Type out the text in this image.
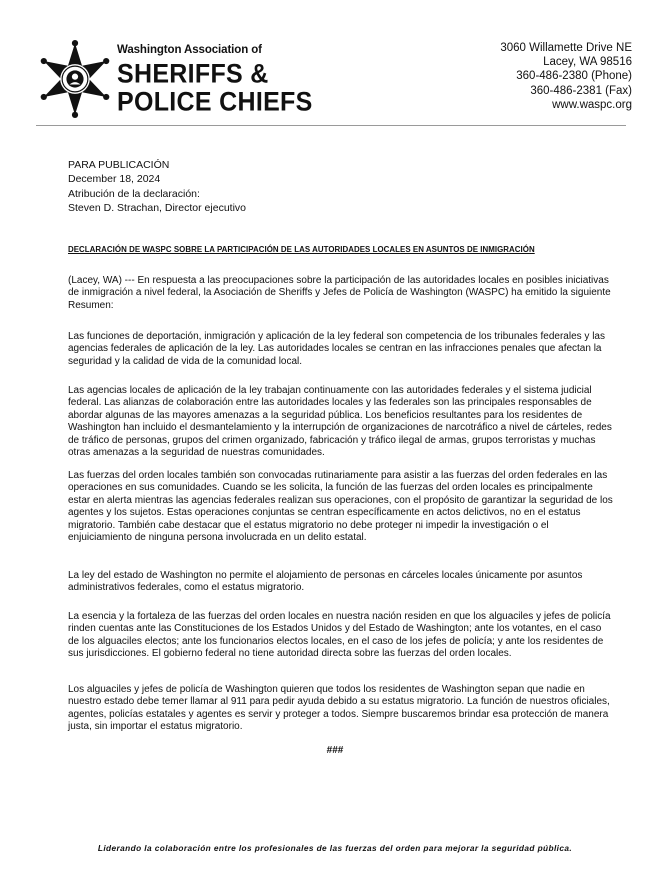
Washington Association of
SHERIFFS &
POLICE CHIEFS
3060 Willamette Drive NE
Lacey, WA 98516
360-486-2380 (Phone)
360-486-2381 (Fax)
www.waspc.org
PARA PUBLICACIÓN
December 18, 2024
Atribución de la declaración:
Steven D. Strachan, Director ejecutivo
DECLARACIÓN DE WASPC SOBRE LA PARTICIPACIÓN DE LAS AUTORIDADES LOCALES EN ASUNTOS DE INMIGRACIÓN
(Lacey, WA) --- En respuesta a las preocupaciones sobre la participación de las autoridades locales en posibles iniciativas de inmigración a nivel federal, la Asociación de Sheriffs y Jefes de Policía de Washington (WASPC) ha emitido la siguiente
Resumen:
Las funciones de deportación, inmigración y aplicación de la ley federal son competencia de los tribunales federales y las agencias federales de aplicación de la ley. Las autoridades locales se centran en las infracciones penales que afectan la seguridad y la calidad de vida de la comunidad local.
Las agencias locales de aplicación de la ley trabajan continuamente con las autoridades federales y el sistema judicial federal. Las alianzas de colaboración entre las autoridades locales y las federales son las principales responsables de abordar algunas de las mayores amenazas a la seguridad pública. Los beneficios resultantes para los residentes de Washington han incluido el desmantelamiento y la interrupción de organizaciones de narcotráfico a nivel de cárteles, redes de tráfico de personas, grupos del crimen organizado, fabricación y tráfico ilegal de armas, grupos terroristas y muchas otras amenazas a la seguridad de nuestras comunidades.
Las fuerzas del orden locales también son convocadas rutinariamente para asistir a las fuerzas del orden federales en las operaciones en sus comunidades. Cuando se les solicita, la función de las fuerzas del orden locales es principalmente estar en alerta mientras las agencias federales realizan sus operaciones, con el propósito de garantizar la seguridad de los agentes y los sujetos. Estas operaciones conjuntas se centran específicamente en actos delictivos, no en el estatus migratorio. También cabe destacar que el estatus migratorio no debe proteger ni impedir la investigación o el enjuiciamiento de ninguna persona involucrada en un delito estatal.
La ley del estado de Washington no permite el alojamiento de personas en cárceles locales únicamente por asuntos administrativos federales, como el estatus migratorio.
La esencia y la fortaleza de las fuerzas del orden locales en nuestra nación residen en que los alguaciles y jefes de policía rinden cuentas ante las Constituciones de los Estados Unidos y del Estado de Washington; ante los votantes, en el caso de los alguaciles electos; ante los funcionarios electos locales, en el caso de los jefes de policía; y ante los residentes de sus jurisdicciones. El gobierno federal no tiene autoridad directa sobre las fuerzas del orden locales.
Los alguaciles y jefes de policía de Washington quieren que todos los residentes de Washington sepan que nadie en nuestro estado debe temer llamar al 911 para pedir ayuda debido a su estatus migratorio. La función de nuestros oficiales, agentes, policías estatales y agentes es servir y proteger a todos. Siempre buscaremos brindar esa protección de manera justa, sin importar el estatus migratorio.
###
Liderando la colaboración entre los profesionales de las fuerzas del orden para mejorar la seguridad pública.
